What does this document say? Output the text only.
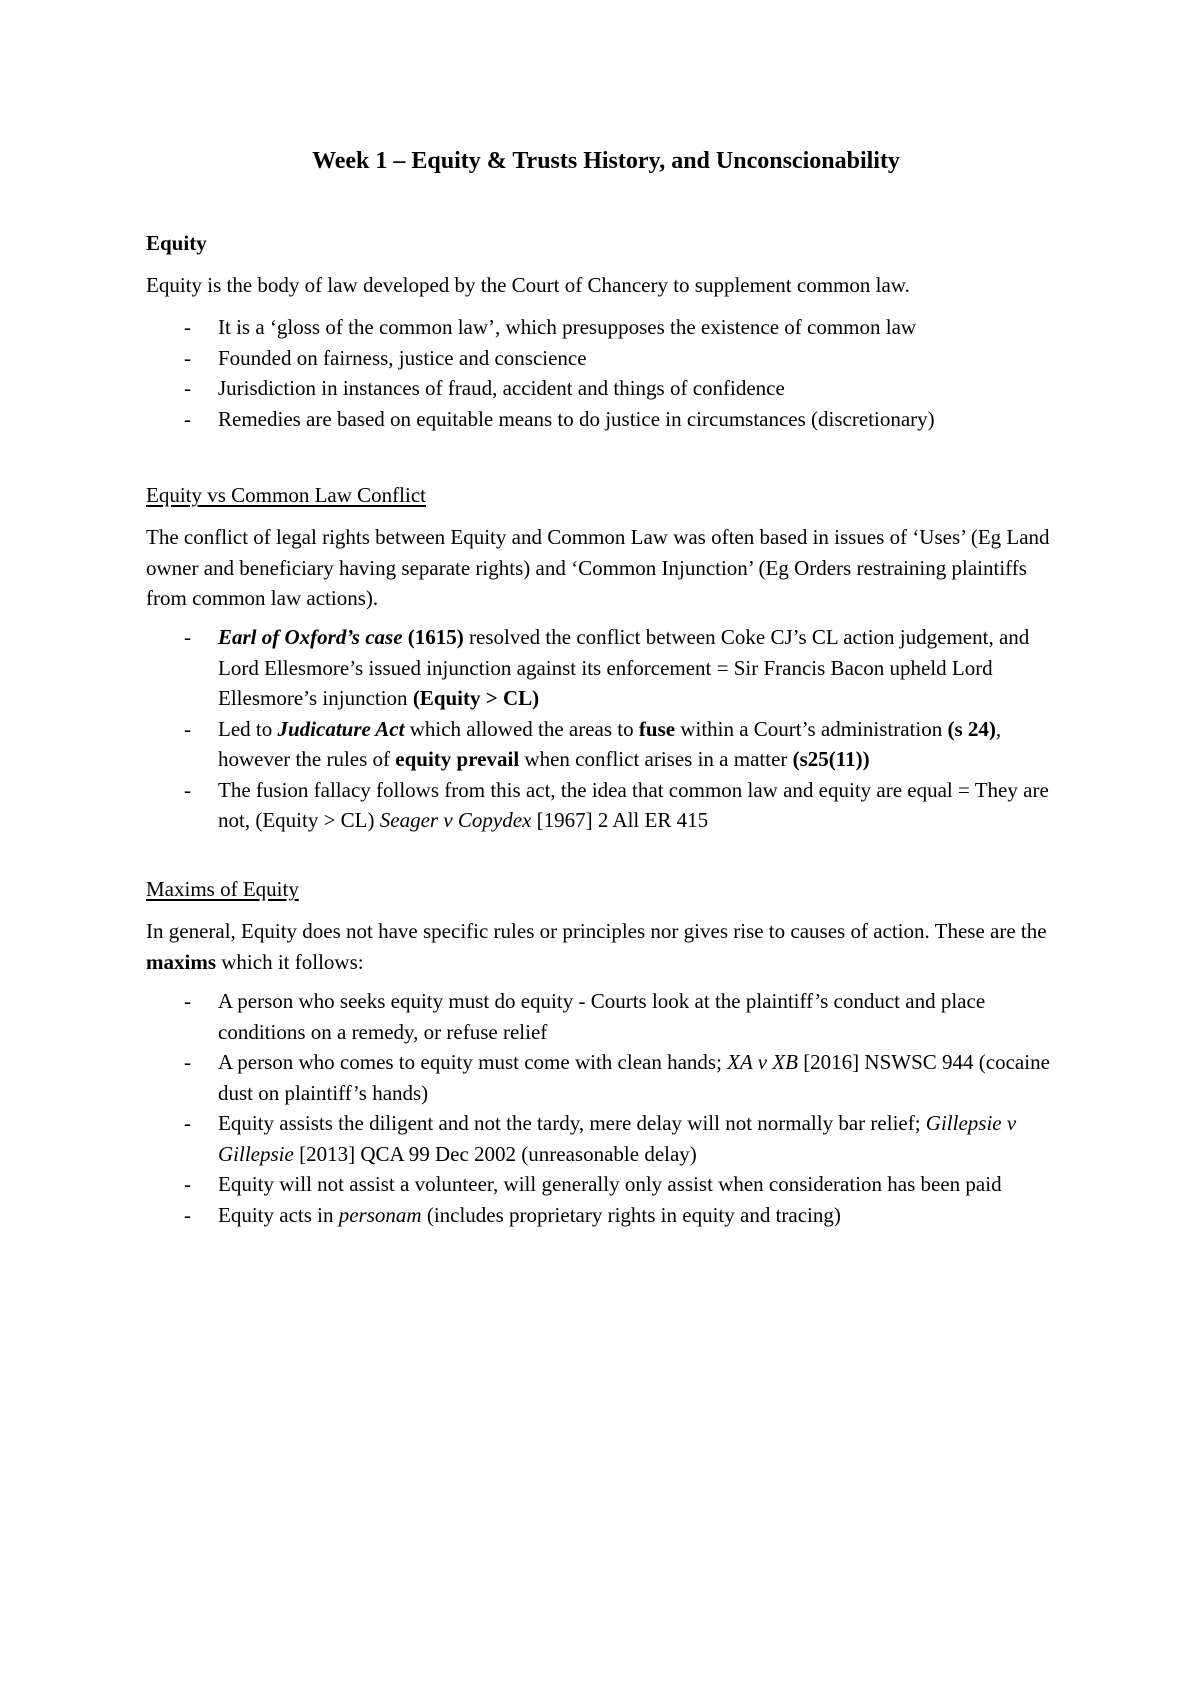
Week 1 – Equity & Trusts History, and Unconscionability
Equity
Equity is the body of law developed by the Court of Chancery to supplement common law.
- It is a ‘gloss of the common law’, which presupposes the existence of common law
- Founded on fairness, justice and conscience
- Jurisdiction in instances of fraud, accident and things of confidence
- Remedies are based on equitable means to do justice in circumstances (discretionary)
Equity vs Common Law Conflict
The conflict of legal rights between Equity and Common Law was often based in issues of ‘Uses’ (Eg Land owner and beneficiary having separate rights) and ‘Common Injunction’ (Eg Orders restraining plaintiffs from common law actions).
- Earl of Oxford’s case (1615) resolved the conflict between Coke CJ’s CL action judgement, and Lord Ellesmore’s issued injunction against its enforcement = Sir Francis Bacon upheld Lord Ellesmore’s injunction (Equity > CL)
- Led to Judicature Act which allowed the areas to fuse within a Court’s administration (s 24), however the rules of equity prevail when conflict arises in a matter (s25(11))
- The fusion fallacy follows from this act, the idea that common law and equity are equal = They are not, (Equity > CL) Seager v Copydex [1967] 2 All ER 415
Maxims of Equity
In general, Equity does not have specific rules or principles nor gives rise to causes of action. These are the maxims which it follows:
- A person who seeks equity must do equity - Courts look at the plaintiff’s conduct and place conditions on a remedy, or refuse relief
- A person who comes to equity must come with clean hands; XA v XB [2016] NSWSC 944 (cocaine dust on plaintiff’s hands)
- Equity assists the diligent and not the tardy, mere delay will not normally bar relief; Gillepsie v Gillepsie [2013] QCA 99 Dec 2002 (unreasonable delay)
- Equity will not assist a volunteer, will generally only assist when consideration has been paid
- Equity acts in personam (includes proprietary rights in equity and tracing)
